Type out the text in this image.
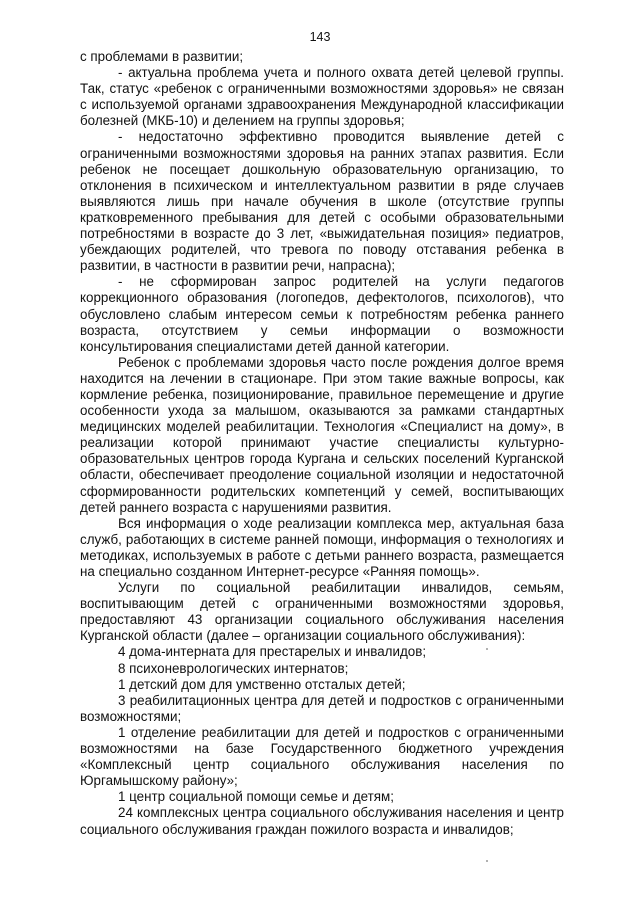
143

с проблемами в развитии;

- актуальна проблема учета и полного охвата детей целевой группы. Так, статус «ребенок с ограниченными возможностями здоровья» не связан с используемой органами здравоохранения Международной классификации болезней (МКБ-10) и делением на группы здоровья;

- недостаточно эффективно проводится выявление детей с ограниченными возможностями здоровья на ранних этапах развития. Если ребенок не посещает дошкольную образовательную организацию, то отклонения в психическом и интеллектуальном развитии в ряде случаев выявляются лишь при начале обучения в школе (отсутствие группы кратковременного пребывания для детей с особыми образовательными потребностями в возрасте до 3 лет, «выжидательная позиция» педиатров, убеждающих родителей, что тревога по поводу отставания ребенка в развитии, в частности в развитии речи, напрасна);

- не сформирован запрос родителей на услуги педагогов коррекционного образования (логопедов, дефектологов, психологов), что обусловлено слабым интересом семьи к потребностям ребенка раннего возраста, отсутствием у семьи информации о возможности консультирования специалистами детей данной категории.

Ребенок с проблемами здоровья часто после рождения долгое время находится на лечении в стационаре. При этом такие важные вопросы, как кормление ребенка, позиционирование, правильное перемещение и другие особенности ухода за малышом, оказываются за рамками стандартных медицинских моделей реабилитации. Технология «Специалист на дому», в реализации которой принимают участие специалисты культурно-образовательных центров города Кургана и сельских поселений Курганской области, обеспечивает преодоление социальной изоляции и недостаточной сформированности родительских компетенций у семей, воспитывающих детей раннего возраста с нарушениями развития.

Вся информация о ходе реализации комплекса мер, актуальная база служб, работающих в системе ранней помощи, информация о технологиях и методиках, используемых в работе с детьми раннего возраста, размещается на специально созданном Интернет-ресурсе «Ранняя помощь».

Услуги по социальной реабилитации инвалидов, семьям, воспитывающим детей с ограниченными возможностями здоровья, предоставляют 43 организации социального обслуживания населения Курганской области (далее – организации социального обслуживания):

4 дома-интерната для престарелых и инвалидов;

8 психоневрологических интернатов;

1 детский дом для умственно отсталых детей;

3 реабилитационных центра для детей и подростков с ограниченными возможностями;

1 отделение реабилитации для детей и подростков с ограниченными возможностями на базе Государственного бюджетного учреждения «Комплексный центр социального обслуживания населения по Юргамышскому району»;

1 центр социальной помощи семье и детям;

24 комплексных центра социального обслуживания населения и центр социального обслуживания граждан пожилого возраста и инвалидов;
